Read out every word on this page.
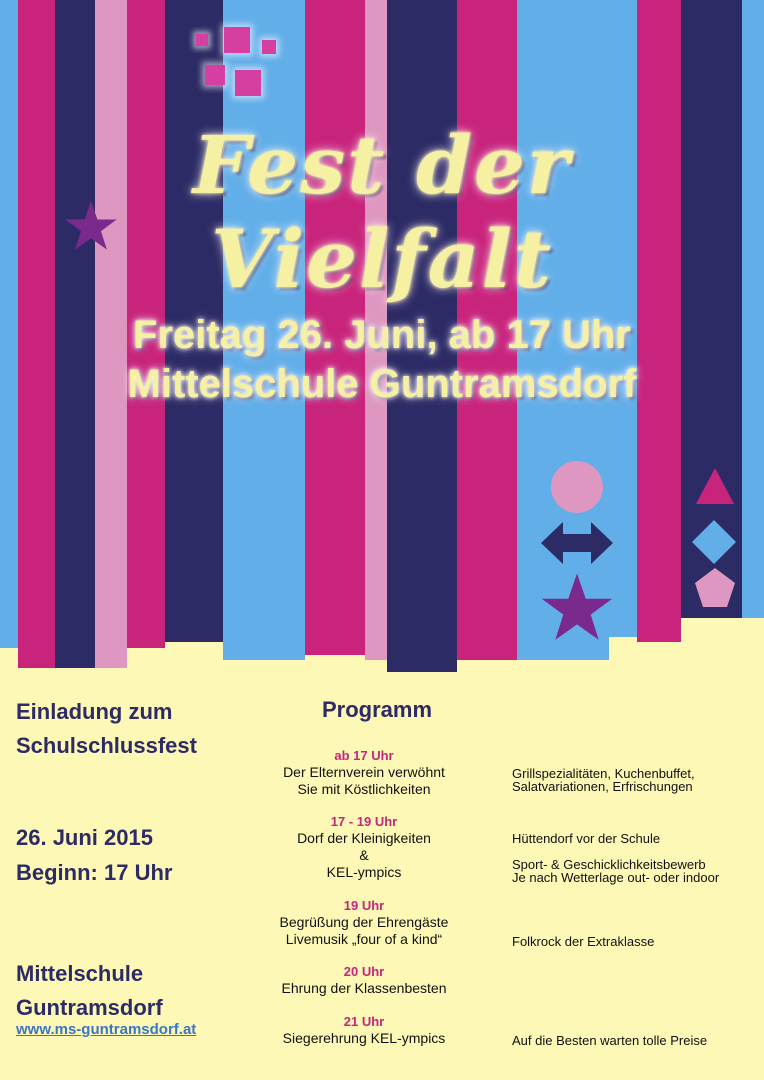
Fest der Vielfalt
Freitag 26. Juni, ab 17 Uhr
Mittelschule Guntramsdorf
Einladung zum
Schulschlussfest
26. Juni 2015
Beginn: 17 Uhr
Mittelschule
Guntramsdorf
www.ms-guntramsdorf.at
Programm
ab 17 Uhr
Der Elternverein verwöhnt
Sie mit Köstlichkeiten
17 - 19 Uhr
Dorf der Kleinigkeiten
&
KEL-ympics
19 Uhr
Begrüßung der Ehrengäste
Livemusik „four of a kind“
20 Uhr
Ehrung der Klassenbesten
21 Uhr
Siegerehrung KEL-ympics
Grillspezialitäten, Kuchenbuffet,
Salatvariationen, Erfrischungen
Hüttendorf vor der Schule
Sport- & Geschicklichkeitsbewerb
Je nach Wetterlage out- oder indoor
Folkrock der Extraklasse
Auf die Besten warten tolle Preise
